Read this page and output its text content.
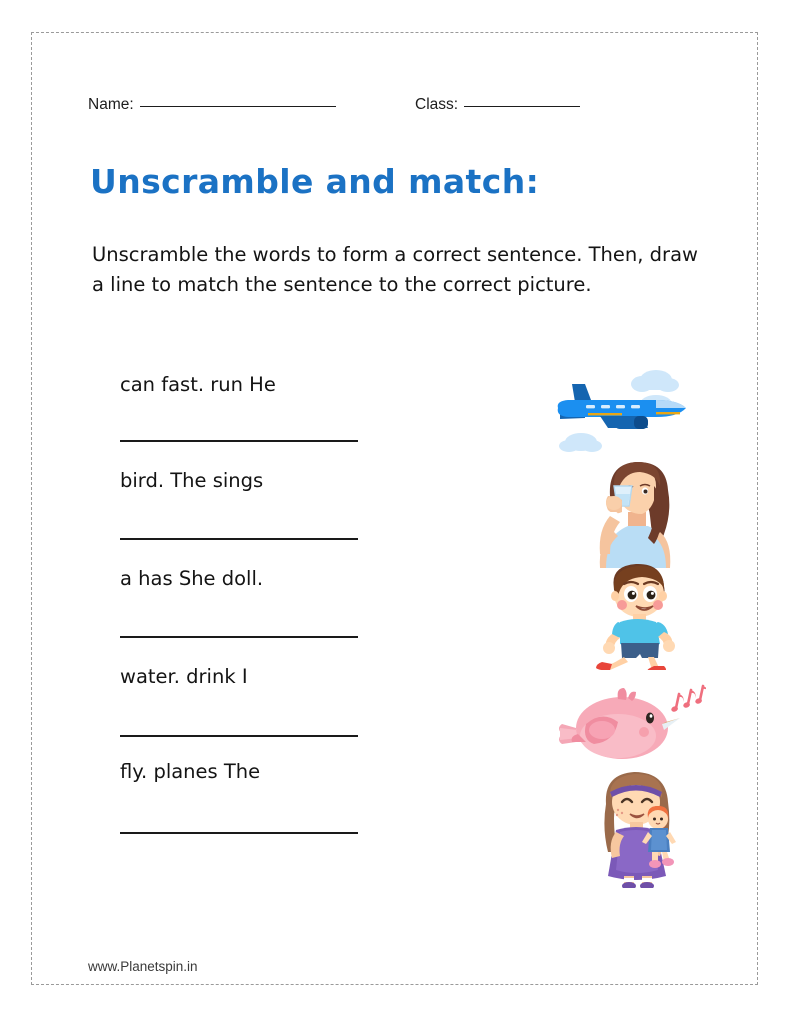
Name:	Class:
Unscramble and match:
Unscramble the words to form a correct sentence. Then, draw a line to match the sentence to the correct picture.
can fast. run He
bird. The sings
a has She doll.
water. drink I
fly. planes The
www.Planetspin.in
